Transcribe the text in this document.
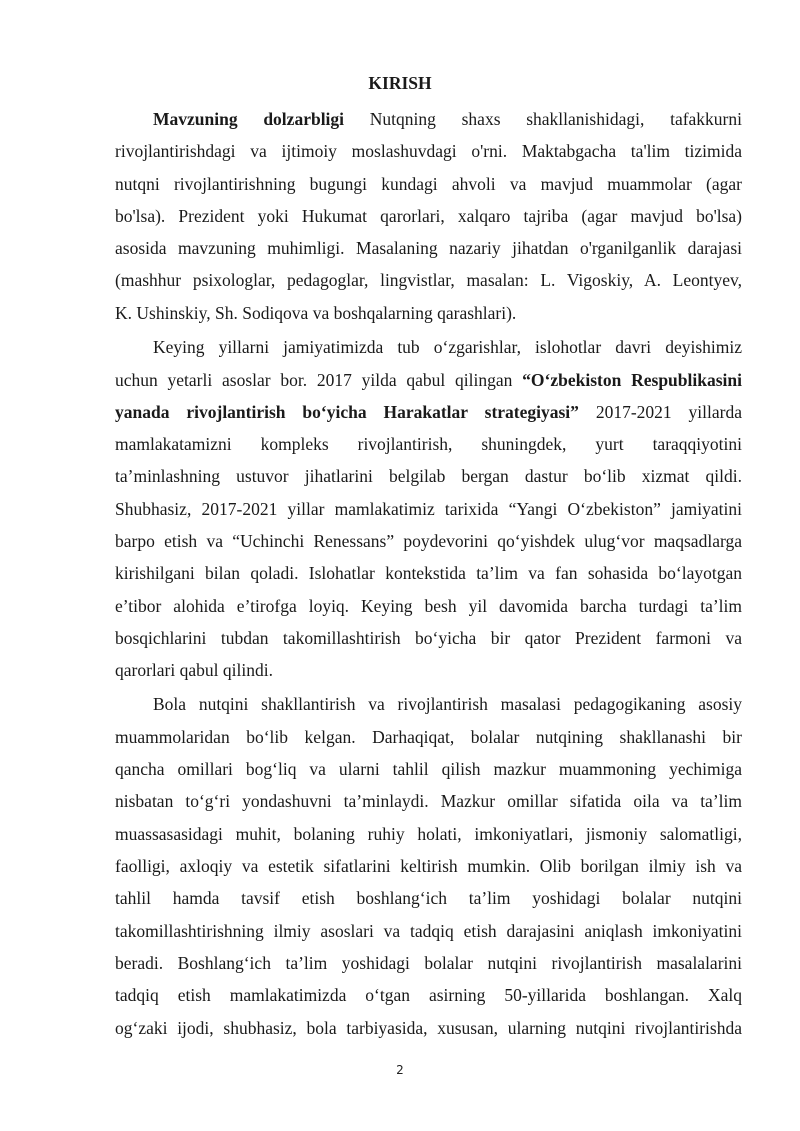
KIRISH
Mavzuning dolzarbligi Nutqning shaxs shakllanishidagi, tafakkurni
rivojlantirishdagi va ijtimoiy moslashuvdagi o'rni. Maktabgacha ta'lim tizimida
nutqni rivojlantirishning bugungi kundagi ahvoli va mavjud muammolar (agar
bo'lsa). Prezident yoki Hukumat qarorlari, xalqaro tajriba (agar mavjud bo'lsa)
asosida mavzuning muhimligi. Masalaning nazariy jihatdan o'rganilganlik darajasi
(mashhur psixologlar, pedagoglar, lingvistlar, masalan: L. Vigoskiy, A. Leontyev,
K. Ushinskiy, Sh. Sodiqova va boshqalarning qarashlari).
Keying yillarni jamiyatimizda tub o‘zgarishlar, islohotlar davri deyishimiz
uchun yetarli asoslar bor. 2017 yilda qabul qilingan “O‘zbekiston Respublikasini
yanada rivojlantirish bo‘yicha Harakatlar strategiyasi” 2017-2021 yillarda
mamlakatamizni kompleks rivojlantirish, shuningdek, yurt taraqqiyotini
ta’minlashning ustuvor jihatlarini belgilab bergan dastur bo‘lib xizmat qildi.
Shubhasiz, 2017-2021 yillar mamlakatimiz tarixida “Yangi O‘zbekiston” jamiyatini
barpo etish va “Uchinchi Renessans” poydevorini qo‘yishdek ulug‘vor maqsadlarga
kirishilgani bilan qoladi. Islohatlar kontekstida ta’lim va fan sohasida bo‘layotgan
e’tibor alohida e’tirofga loyiq. Keying besh yil davomida barcha turdagi ta’lim
bosqichlarini tubdan takomillashtirish bo‘yicha bir qator Prezident farmoni va
qarorlari qabul qilindi.
Bola nutqini shakllantirish va rivojlantirish masalasi pedagogikaning asosiy
muammolaridan bo‘lib kelgan. Darhaqiqat, bolalar nutqining shakllanashi bir
qancha omillari bog‘liq va ularni tahlil qilish mazkur muammoning yechimiga
nisbatan to‘g‘ri yondashuvni ta’minlaydi. Mazkur omillar sifatida oila va ta’lim
muassasasidagi muhit, bolaning ruhiy holati, imkoniyatlari, jismoniy salomatligi,
faolligi, axloqiy va estetik sifatlarini keltirish mumkin. Olib borilgan ilmiy ish va
tahlil hamda tavsif etish boshlang‘ich ta’lim yoshidagi bolalar nutqini
takomillashtirishning ilmiy asoslari va tadqiq etish darajasini aniqlash imkoniyatini
beradi. Boshlang‘ich ta’lim yoshidagi bolalar nutqini rivojlantirish masalalarini
tadqiq etish mamlakatimizda o‘tgan asirning 50-yillarida boshlangan. Xalq
og‘zaki ijodi, shubhasiz, bola tarbiyasida, xususan, ularning nutqini rivojlantirishda
2
